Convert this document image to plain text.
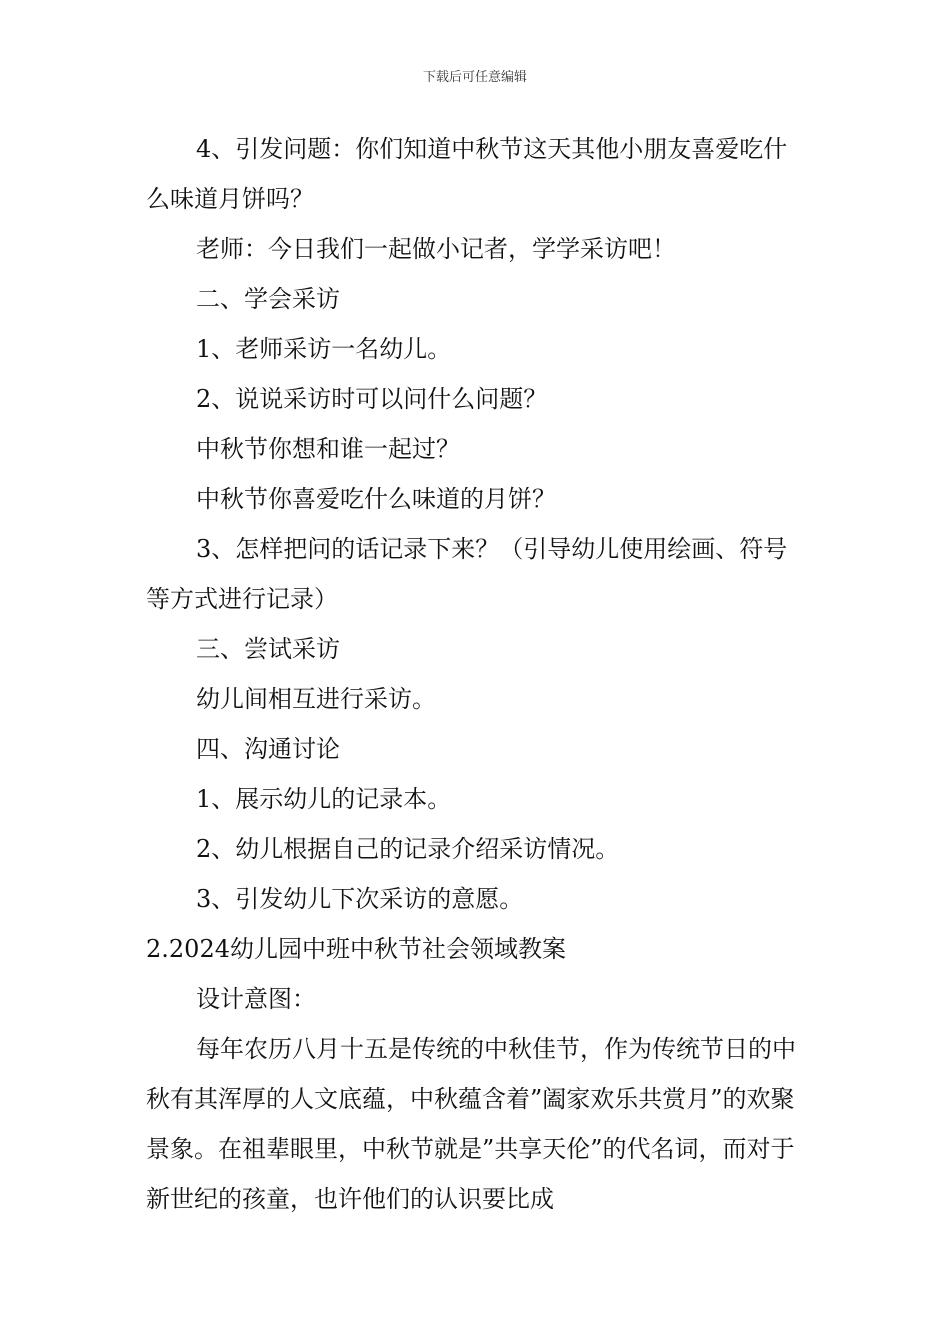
下载后可任意编辑

4、引发问题：你们知道中秋节这天其他小朋友喜爱吃什么味道月饼吗？

老师：今日我们一起做小记者，学学采访吧！

二、学会采访

1、老师采访一名幼儿。

2、说说采访时可以问什么问题？

中秋节你想和谁一起过？

中秋节你喜爱吃什么味道的月饼？

3、怎样把问的话记录下来？（引导幼儿使用绘画、符号等方式进行记录）

三、尝试采访

幼儿间相互进行采访。

四、沟通讨论

1、展示幼儿的记录本。

2、幼儿根据自己的记录介绍采访情况。

3、引发幼儿下次采访的意愿。

2.2024幼儿园中班中秋节社会领域教案

设计意图：

每年农历八月十五是传统的中秋佳节，作为传统节日的中秋有其浑厚的人文底蕴，中秋蕴含着”阖家欢乐共赏月”的欢聚景象。在祖辈眼里，中秋节就是”共享天伦”的代名词，而对于新世纪的孩童，也许他们的认识要比成
